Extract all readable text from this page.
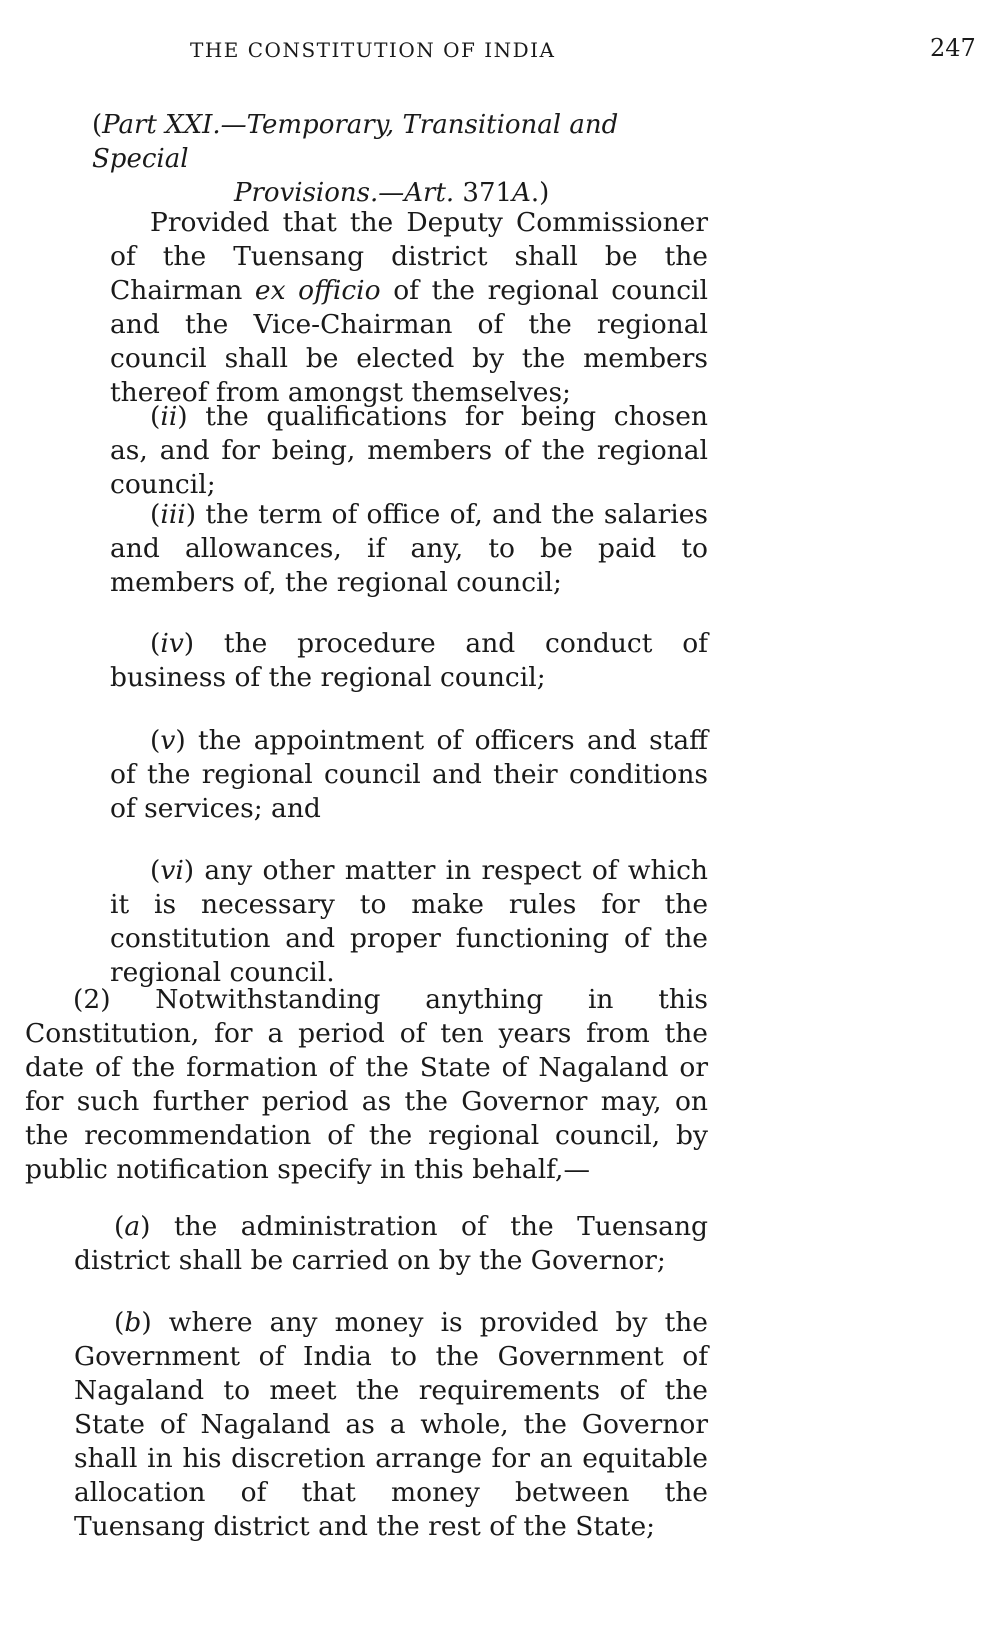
THE CONSTITUTION OF INDIA	247

(Part XXI.—Temporary, Transitional and Special
Provisions.—Art. 371A.)

Provided that the Deputy Commissioner of the Tuensang district shall be the Chairman ex officio of the regional council and the Vice-Chairman of the regional council shall be elected by the members thereof from amongst themselves;

(ii) the qualifications for being chosen as, and for being, members of the regional council;

(iii) the term of office of, and the salaries and allowances, if any, to be paid to members of, the regional council;

(iv) the procedure and conduct of business of the regional council;

(v) the appointment of officers and staff of the regional council and their conditions of services; and

(vi) any other matter in respect of which it is necessary to make rules for the constitution and proper functioning of the regional council.

(2) Notwithstanding anything in this Constitution, for a period of ten years from the date of the formation of the State of Nagaland or for such further period as the Governor may, on the recommendation of the regional council, by public notification specify in this behalf,—

(a) the administration of the Tuensang district shall be carried on by the Governor;

(b) where any money is provided by the Government of India to the Government of Nagaland to meet the requirements of the State of Nagaland as a whole, the Governor shall in his discretion arrange for an equitable allocation of that money between the Tuensang district and the rest of the State;
